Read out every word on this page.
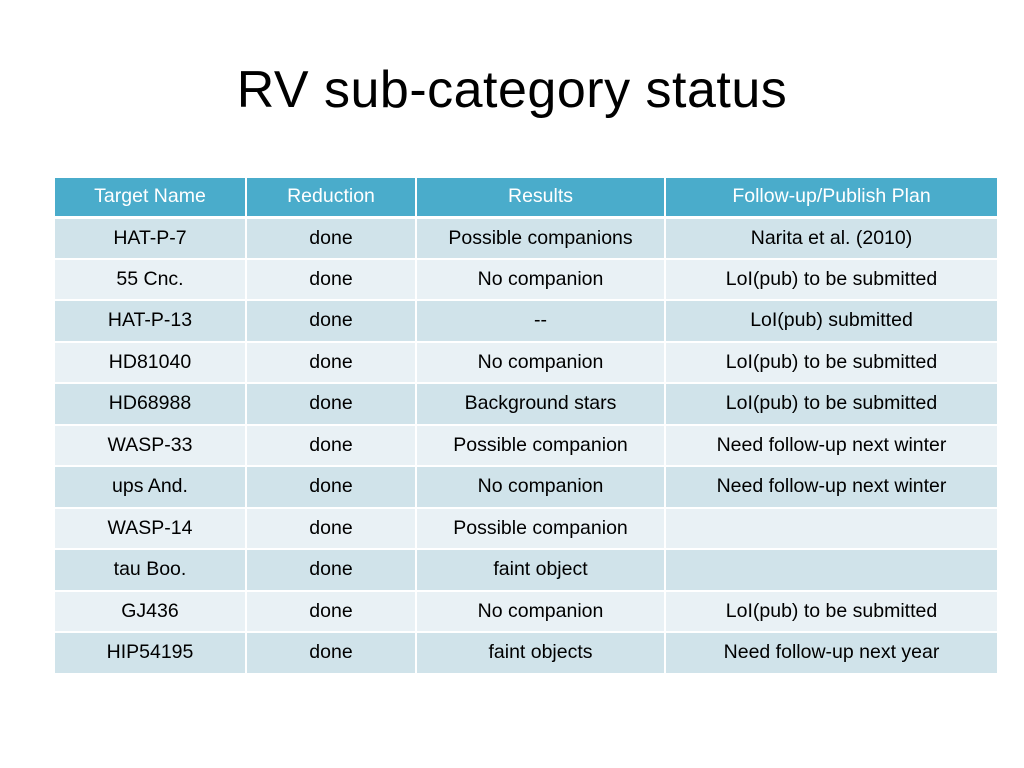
RV sub-category status
Target Name	Reduction	Results	Follow-up/Publish Plan
HAT-P-7	done	Possible companions	Narita et al. (2010)
55 Cnc.	done	No companion	LoI(pub) to be submitted
HAT-P-13	done	--	LoI(pub) submitted
HD81040	done	No companion	LoI(pub) to be submitted
HD68988	done	Background stars	LoI(pub) to be submitted
WASP-33	done	Possible companion	Need follow-up next winter
ups And.	done	No companion	Need follow-up next winter
WASP-14	done	Possible companion	
tau Boo.	done	faint object	
GJ436	done	No companion	LoI(pub) to be submitted
HIP54195	done	faint objects	Need follow-up next year
